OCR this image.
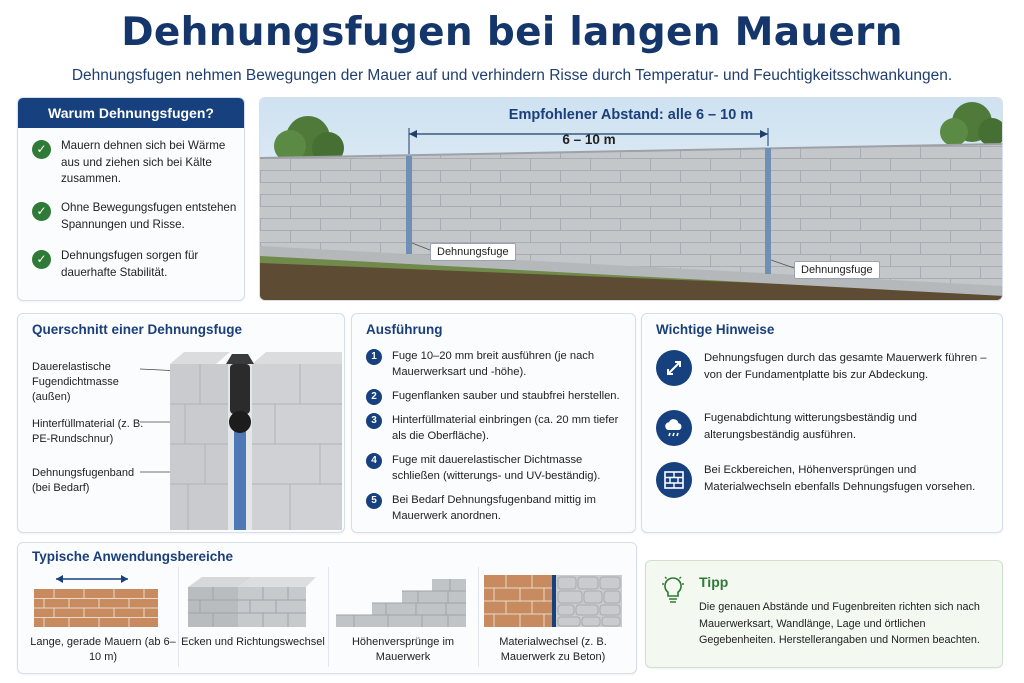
Dehnungsfugen bei langen Mauern
Dehnungsfugen nehmen Bewegungen der Mauer auf und verhindern Risse durch Temperatur- und Feuchtigkeitsschwankungen.
Warum Dehnungsfugen?
✓	Mauern dehnen sich bei Wärme aus und ziehen sich bei Kälte zusammen.
✓	Ohne Bewegungsfugen entstehen Spannungen und Risse.
✓	Dehnungsfugen sorgen für dauerhafte Stabilität.
Empfohlener Abstand: alle 6 – 10 m
6 – 10 m
Dehnungsfuge
Dehnungsfuge
Querschnitt einer Dehnungsfuge
Dauerelastische Fugendichtmasse (außen)
Hinterfüllmaterial (z. B. PE-Rundschnur)
Dehnungsfugenband (bei Bedarf)
Ausführung
1	Fuge 10–20 mm breit ausführen (je nach Mauerwerksart und -höhe).
2	Fugenflanken sauber und staubfrei herstellen.
3	Hinterfüllmaterial einbringen (ca. 20 mm tiefer als die Oberfläche).
4	Fuge mit dauerelastischer Dichtmasse schließen (witterungs- und UV-beständig).
5	Bei Bedarf Dehnungsfugenband mittig im Mauerwerk anordnen.
Wichtige Hinweise
Dehnungsfugen durch das gesamte Mauerwerk führen – von der Fundamentplatte bis zur Abdeckung.
Fugenabdichtung witterungsbeständig und alterungsbeständig ausführen.
Bei Eckbereichen, Höhenversprüngen und Materialwechseln ebenfalls Dehnungsfugen vorsehen.
Typische Anwendungsbereiche
Lange, gerade Mauern (ab 6–10 m)
Ecken und Richtungswechsel	Höhenversprünge im Mauerwerk
Materialwechsel (z. B. Mauerwerk zu Beton)
Tipp
Die genauen Abstände und Fugenbreiten richten sich nach Mauerwerksart, Wandlänge, Lage und örtlichen Gegebenheiten. Herstellerangaben und Normen beachten.
